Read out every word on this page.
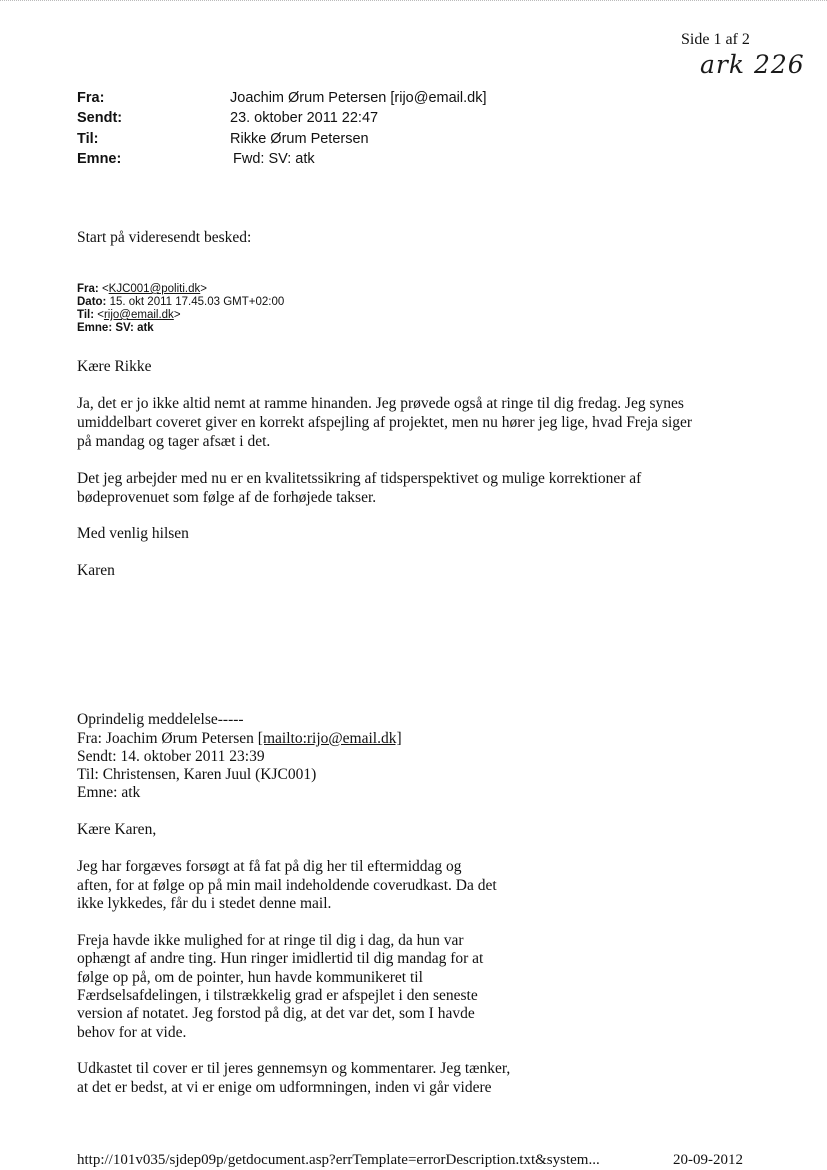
Side 1 af 2
ark 226
Fra:	Joachim Ørum Petersen [rijo@email.dk]
Sendt:	23. oktober 2011 22:47
Til:	Rikke Ørum Petersen
Emne:	Fwd: SV: atk
Start på videresendt besked:
Fra: <KJC001@politi.dk>
Dato: 15. okt 2011 17.45.03 GMT+02:00
Til: <rijo@email.dk>
Emne: SV: atk
Kære Rikke
Ja, det er jo ikke altid nemt at ramme hinanden. Jeg prøvede også at ringe til dig fredag. Jeg synes
umiddelbart coveret giver en korrekt afspejling af projektet, men nu hører jeg lige, hvad Freja siger
på mandag og tager afsæt i det.
Det jeg arbejder med nu er en kvalitetssikring af tidsperspektivet og mulige korrektioner af
bødeprovenuet som følge af de forhøjede takser.
Med venlig hilsen
Karen
Oprindelig meddelelse-----
Fra: Joachim Ørum Petersen [mailto:rijo@email.dk]
Sendt: 14. oktober 2011 23:39
Til: Christensen, Karen Juul (KJC001)
Emne: atk
Kære Karen,
Jeg har forgæves forsøgt at få fat på dig her til eftermiddag og
aften, for at følge op på min mail indeholdende coverudkast. Da det
ikke lykkedes, får du i stedet denne mail.
Freja havde ikke mulighed for at ringe til dig i dag, da hun var
ophængt af andre ting. Hun ringer imidlertid til dig mandag for at
følge op på, om de pointer, hun havde kommunikeret til
Færdselsafdelingen, i tilstrækkelig grad er afspejlet i den seneste
version af notatet. Jeg forstod på dig, at det var det, som I havde
behov for at vide.
Udkastet til cover er til jeres gennemsyn og kommentarer. Jeg tænker,
at det er bedst, at vi er enige om udformningen, inden vi går videre
http://101v035/sjdep09p/getdocument.asp?errTemplate=errorDescription.txt&system...	20-09-2012
